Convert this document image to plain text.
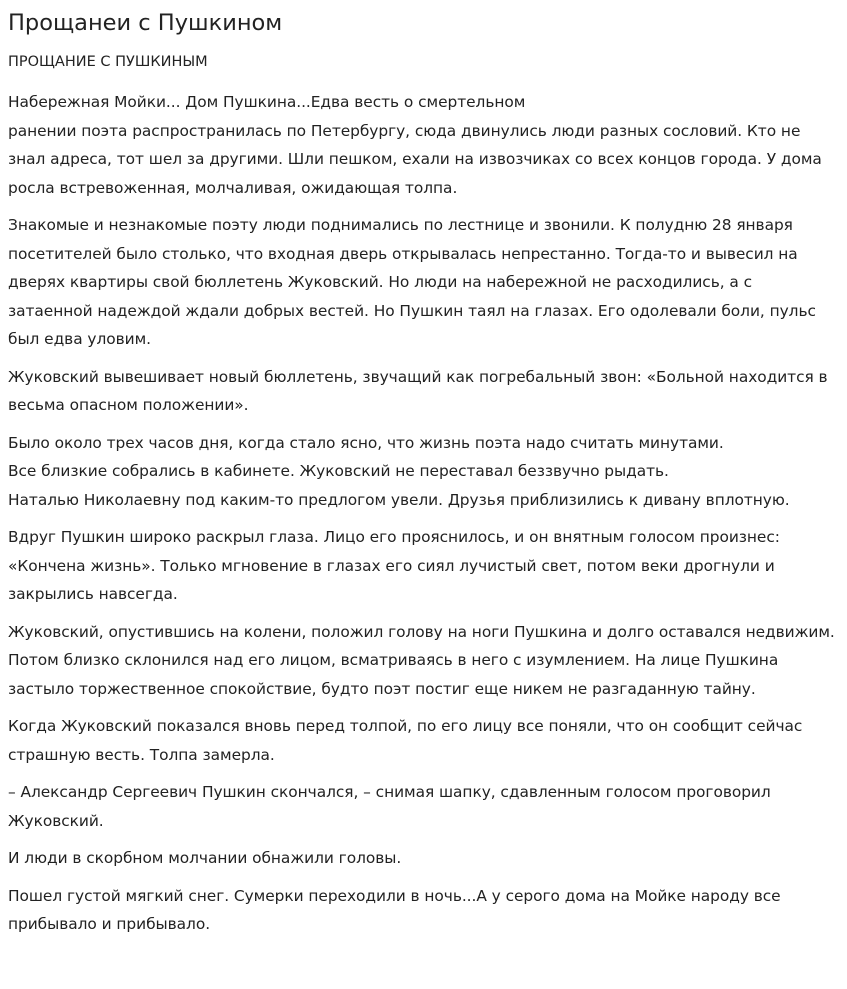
Прощанеи с Пушкином
ПРОЩАНИЕ С ПУШКИНЫМ

Набережная Мойки... Дом Пушкина...Едва весть о смертельном
ранении поэта распространилась по Петербургу, сюда двинулись люди разных сословий. Кто не знал адреса, тот шел за другими. Шли пешком, ехали на извозчиках со всех концов города. У дома росла встревоженная, молчаливая, ожидающая толпа.

Знакомые и незнакомые поэту люди поднимались по лестнице и звонили. К полудню 28 января посетителей было столько, что входная дверь открывалась непрестанно. Тогда-то и вывесил на дверях квартиры свой бюллетень Жуковский. Но люди на набережной не расходились, а с затаенной надеждой ждали добрых вестей. Но Пушкин таял на глазах. Его одолевали боли, пульс был едва уловим.

Жуковский вывешивает новый бюллетень, звучащий как погребальный звон: «Больной находится в весьма опасном положении».

Было около трех часов дня, когда стало ясно, что жизнь поэта надо считать минутами.
Все близкие собрались в кабинете. Жуковский не переставал беззвучно рыдать.
Наталью Николаевну под каким-то предлогом увели. Друзья приблизились к дивану вплотную.

Вдруг Пушкин широко раскрыл глаза. Лицо его прояснилось, и он внятным голосом произнес: «Кончена жизнь». Только мгновение в глазах его сиял лучистый свет, потом веки дрогнули и закрылись навсегда.

Жуковский, опустившись на колени, положил голову на ноги Пушкина и долго оставался недвижим. Потом близко склонился над его лицом, всматриваясь в него с изумлением. На лице Пушкина застыло торжественное спокойствие, будто поэт постиг еще никем не разгаданную тайну.

Когда Жуковский показался вновь перед толпой, по его лицу все поняли, что он сообщит сейчас страшную весть. Толпа замерла.

– Александр Сергеевич Пушкин скончался, – снимая шапку, сдавленным голосом проговорил Жуковский.

И люди в скорбном молчании обнажили головы.

Пошел густой мягкий снег. Сумерки переходили в ночь...А у серого дома на Мойке народу все прибывало и прибывало.
